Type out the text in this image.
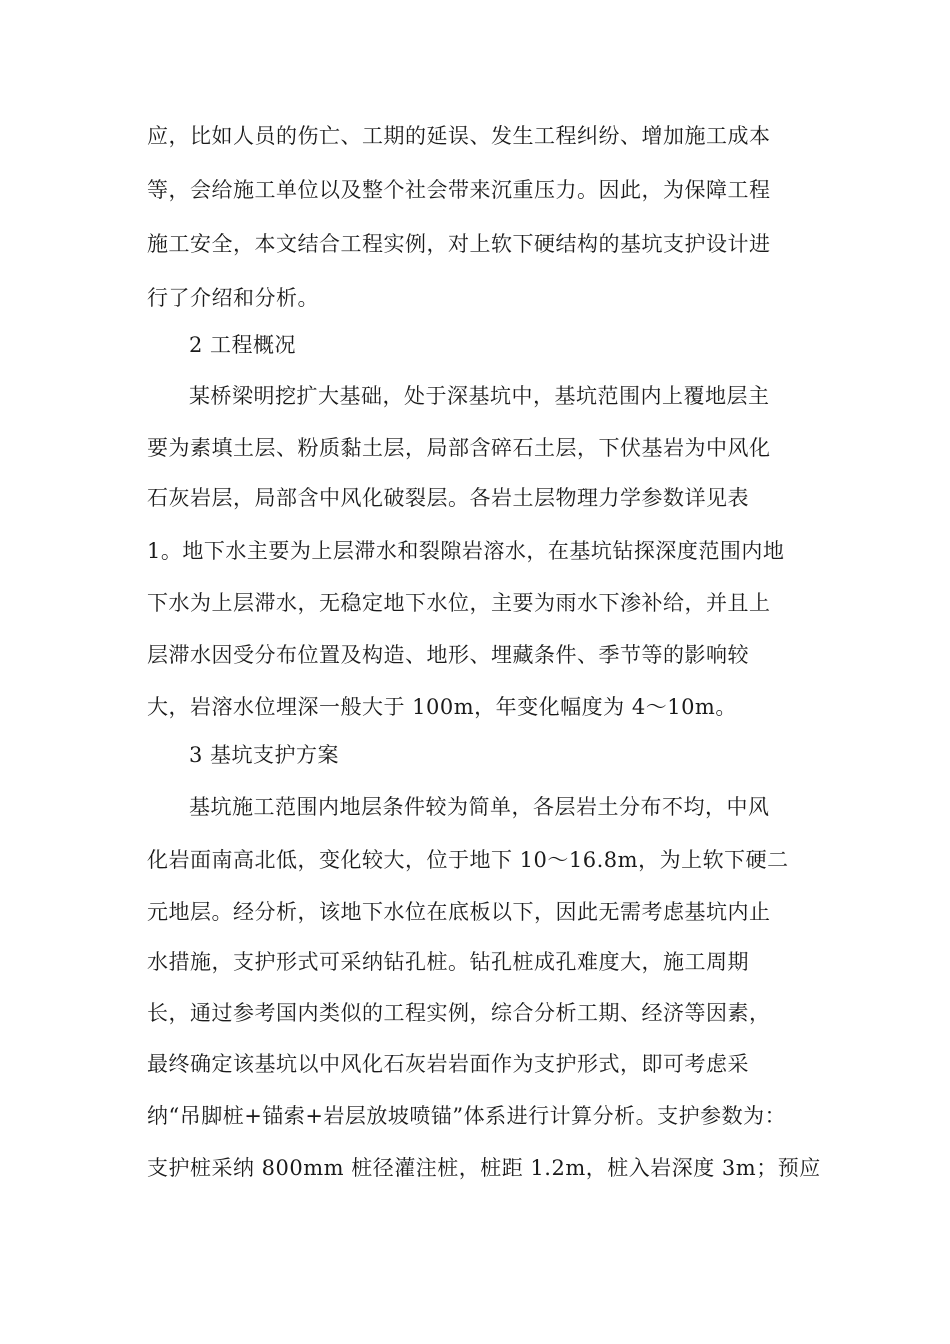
应，比如人员的伤亡、工期的延误、发生工程纠纷、增加施工成本
等，会给施工单位以及整个社会带来沉重压力。因此，为保障工程
施工安全，本文结合工程实例，对上软下硬结构的基坑支护设计进
行了介绍和分析。
2 工程概况
某桥梁明挖扩大基础，处于深基坑中，基坑范围内上覆地层主
要为素填土层、粉质黏土层，局部含碎石土层，下伏基岩为中风化
石灰岩层，局部含中风化破裂层。各岩土层物理力学参数详见表
1。地下水主要为上层滞水和裂隙岩溶水，在基坑钻探深度范围内地
下水为上层滞水，无稳定地下水位，主要为雨水下渗补给，并且上
层滞水因受分布位置及构造、地形、埋藏条件、季节等的影响较
大，岩溶水位埋深一般大于 100m，年变化幅度为 4～10m。
3 基坑支护方案
基坑施工范围内地层条件较为简单，各层岩土分布不均，中风
化岩面南高北低，变化较大，位于地下 10～16.8m，为上软下硬二
元地层。经分析，该地下水位在底板以下，因此无需考虑基坑内止
水措施，支护形式可采纳钻孔桩。钻孔桩成孔难度大，施工周期
长，通过参考国内类似的工程实例，综合分析工期、经济等因素，
最终确定该基坑以中风化石灰岩岩面作为支护形式，即可考虑采
纳“吊脚桩+锚索+岩层放坡喷锚”体系进行计算分析。支护参数为：
支护桩采纳 800mm 桩径灌注桩，桩距 1.2m，桩入岩深度 3m；预应
